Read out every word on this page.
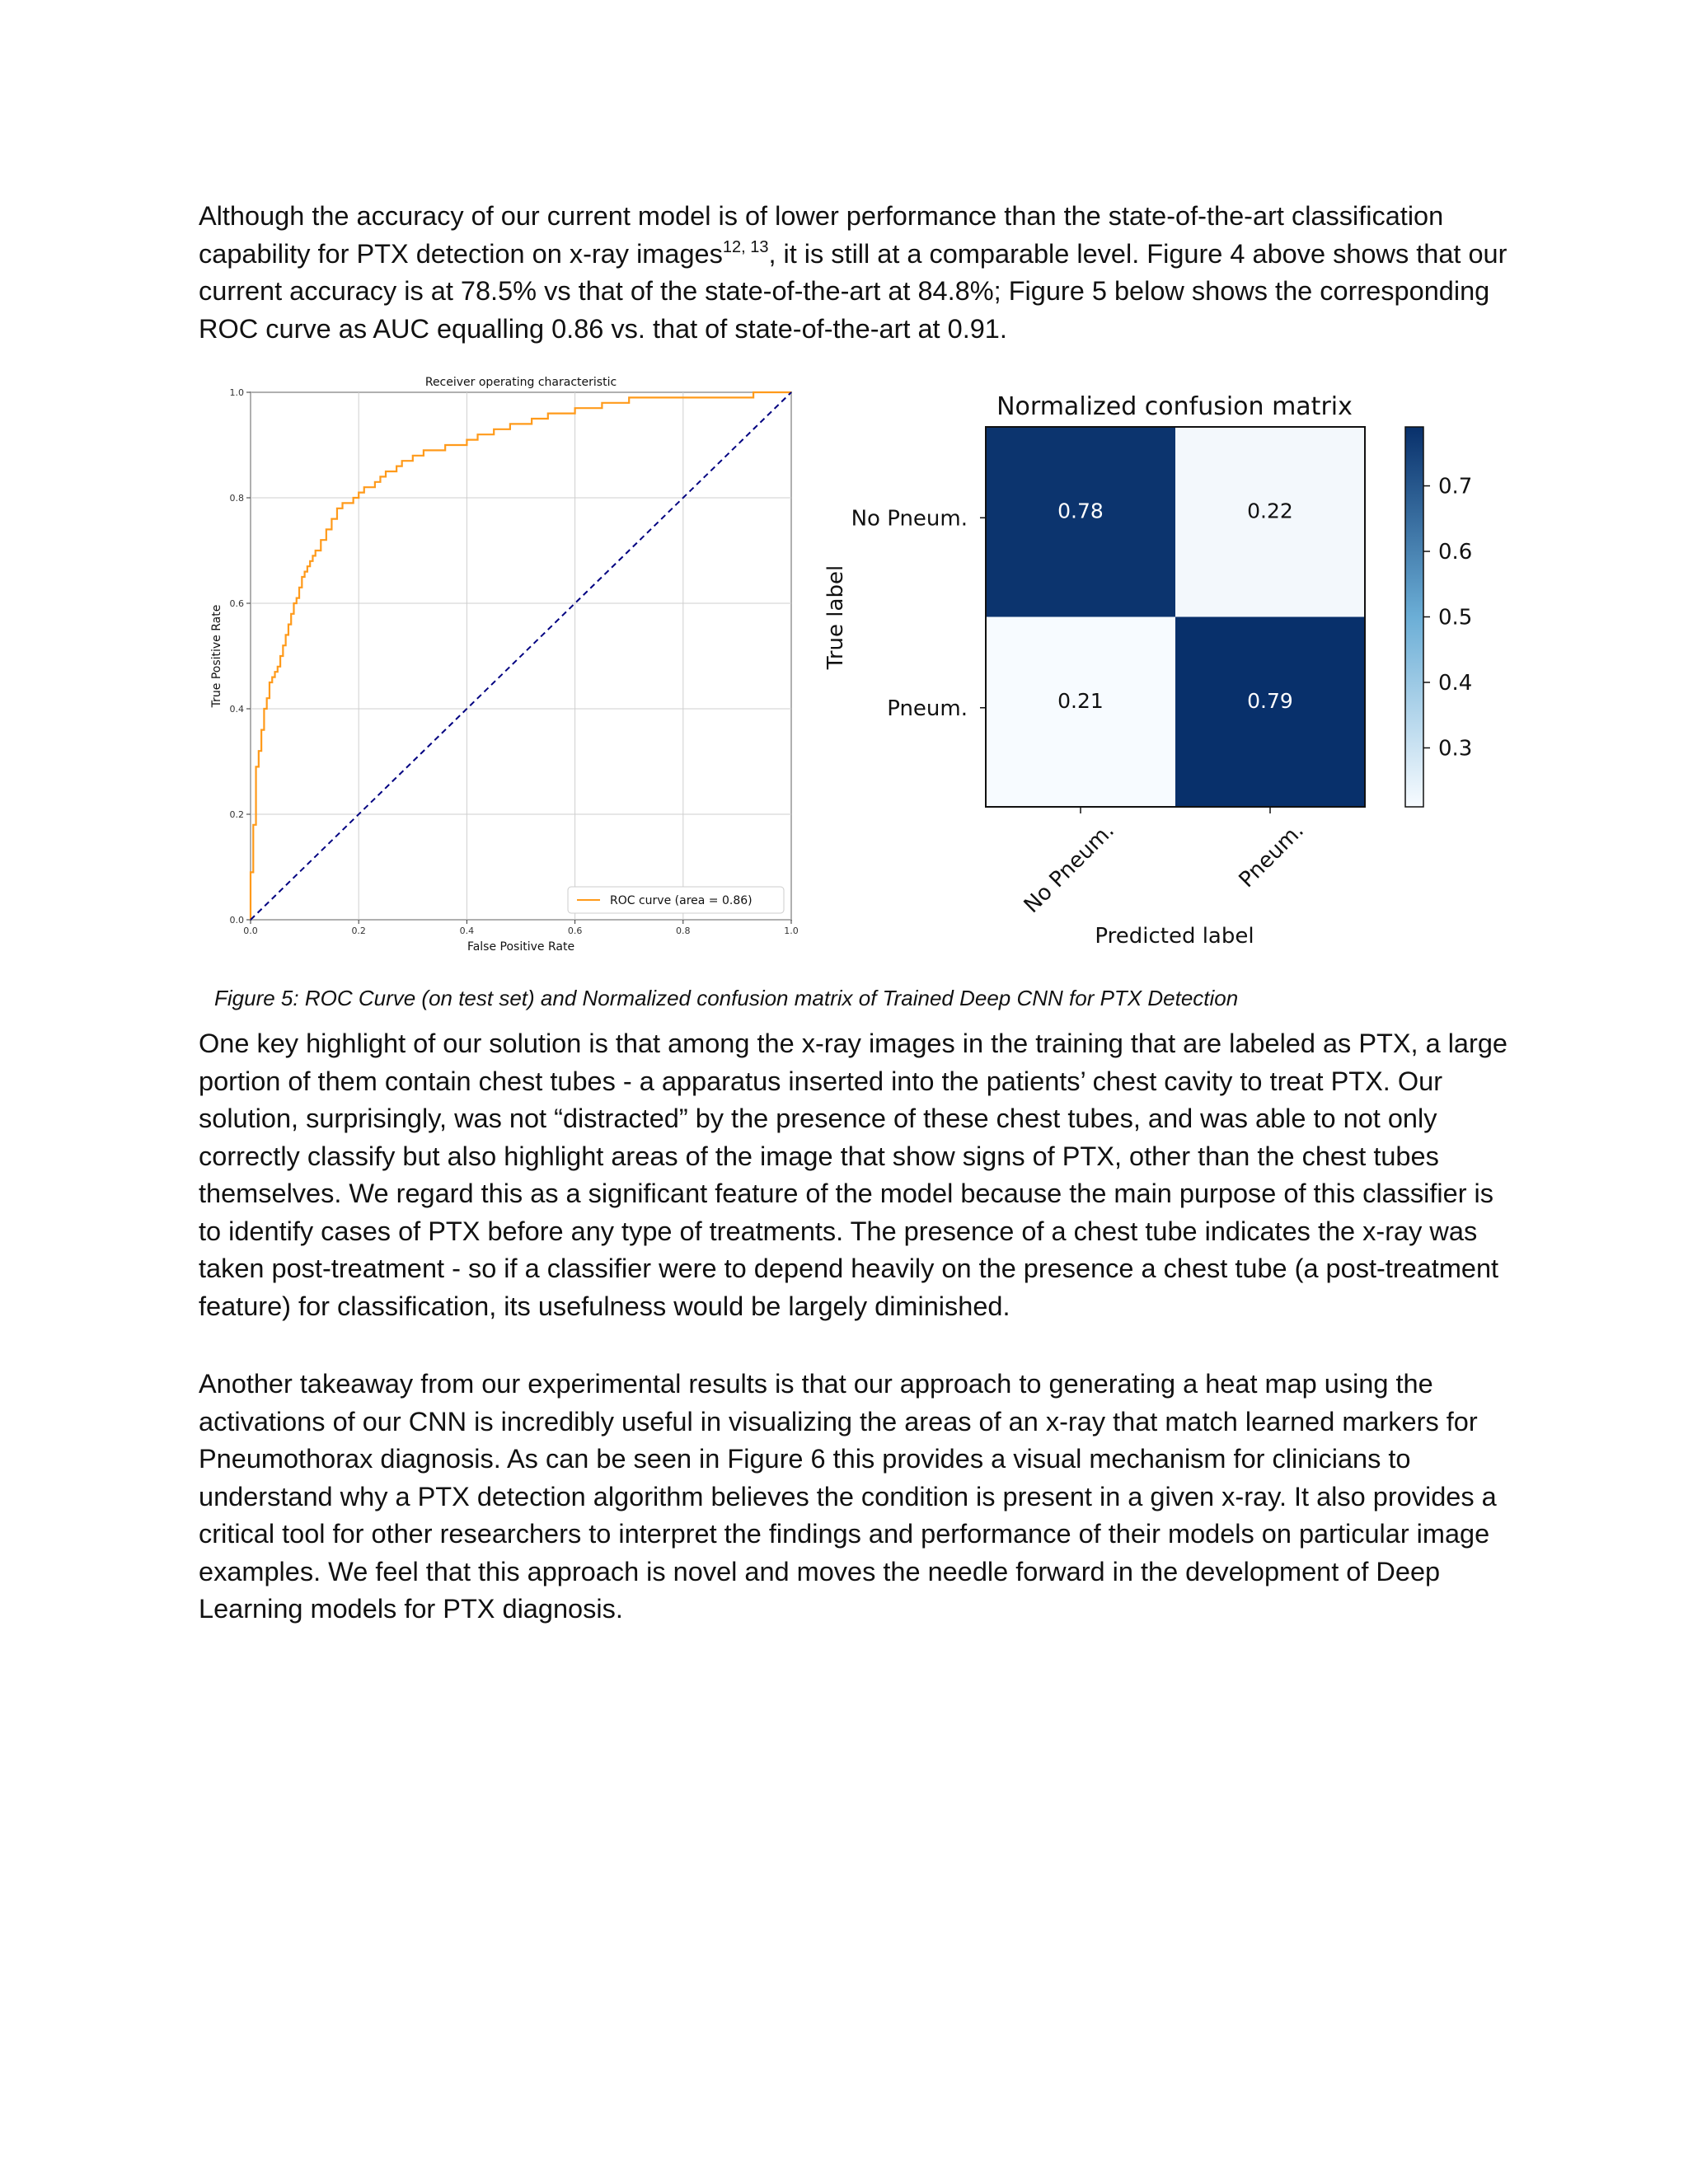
Although the accuracy of our current model is of lower performance than the state-of-the-art classification capability for PTX detection on x-ray images$^{12, 13}$, it is still at a comparable level. Figure 4 above shows that our current accuracy is at 78.5% vs that of the state-of-the-art at 84.8%; Figure 5 below shows the corresponding ROC curve as AUC equalling 0.86 vs. that of state-of-the-art at 0.91.

0.0	0.2	0.4	0.6	0.8	1.0
0.0
0.2
0.4
0.6
0.8
1.0
Receiver operating characteristic
False Positive Rate
True Positive Rate
ROC curve (area = 0.86)
Normalized confusion matrix
0.78	0.22
0.21	0.79
No Pneum.
Pneum.
No Pneum.	Pneum.
True label
Predicted label
0.7
0.6
0.5
0.4
0.3

Figure 5: ROC Curve (on test set) and Normalized confusion matrix of Trained Deep CNN for PTX Detection

One key highlight of our solution is that among the x-ray images in the training that are labeled as PTX, a large portion of them contain chest tubes - a apparatus inserted into the patients’ chest cavity to treat PTX. Our solution, surprisingly, was not “distracted” by the presence of these chest tubes, and was able to not only correctly classify but also highlight areas of the image that show signs of PTX, other than the chest tubes themselves. We regard this as a significant feature of the model because the main purpose of this classifier is to identify cases of PTX before any type of treatments. The presence of a chest tube indicates the x-ray was taken post-treatment - so if a classifier were to depend heavily on the presence a chest tube (a post-treatment feature) for classification, its usefulness would be largely diminished.

Another takeaway from our experimental results is that our approach to generating a heat map using the activations of our CNN is incredibly useful in visualizing the areas of an x-ray that match learned markers for Pneumothorax diagnosis. As can be seen in Figure 6 this provides a visual mechanism for clinicians to understand why a PTX detection algorithm believes the condition is present in a given x-ray. It also provides a critical tool for other researchers to interpret the findings and performance of their models on particular image examples. We feel that this approach is novel and moves the needle forward in the development of Deep Learning models for PTX diagnosis.
